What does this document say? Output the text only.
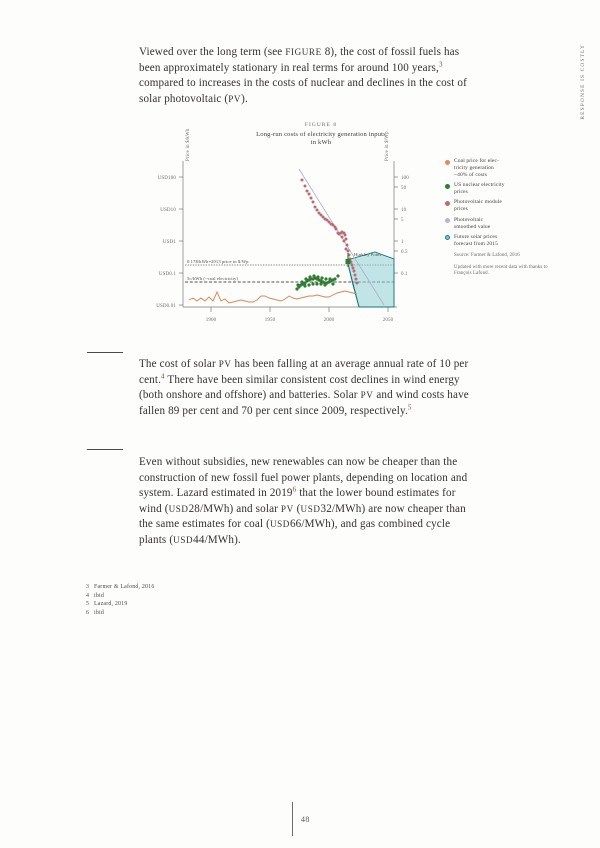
RESPONSE IS COSTLY

Viewed over the long term (see FIGURE 8), the cost of fossil fuels has been approximately stationary in real terms for around 100 years,$^3$ compared to increases in the costs of nuclear and declines in the cost of solar photovoltaic (PV).

FIGURE 8
Long-run costs of electricity generation inputs
in kWh
Price in $/kWh	Price in $/Wp
USD100
USD10
USD1
USD0.1
USD0.01
100
50
10
5
1
0.5
0.1
1900	1950	2000	2050
0.17$/kWh=2013 price in $/Wp
5c/kWh (~coal electricity)
Hinkley Point
Coal price for elec-
tricity generation
~40% of costs
US nuclear electricity
prices
Photovoltaic module
prices
Photovoltaic
smoothed value
Future solar prices
forecast from 2015
Source: Farmer & Lafond, 2016
Updated with more recent data with thanks to François Lafond.

The cost of solar PV has been falling at an average annual rate of 10 per cent.$^4$ There have been similar consistent cost declines in wind energy (both onshore and offshore) and batteries. Solar PV and wind costs have fallen 89 per cent and 70 per cent since 2009, respectively.$^5$

Even without subsidies, new renewables can now be cheaper than the construction of new fossil fuel power plants, depending on location and system. Lazard estimated in 2019$^6$ that the lower bound estimates for wind (USD28/MWh) and solar PV (USD32/MWh) are now cheaper than the same estimates for coal (USD66/MWh), and gas combined cycle plants (USD44/MWh).

3 Farmer & Lafond, 2016
4 ibid
5 Lazard, 2019
6 ibid
48
